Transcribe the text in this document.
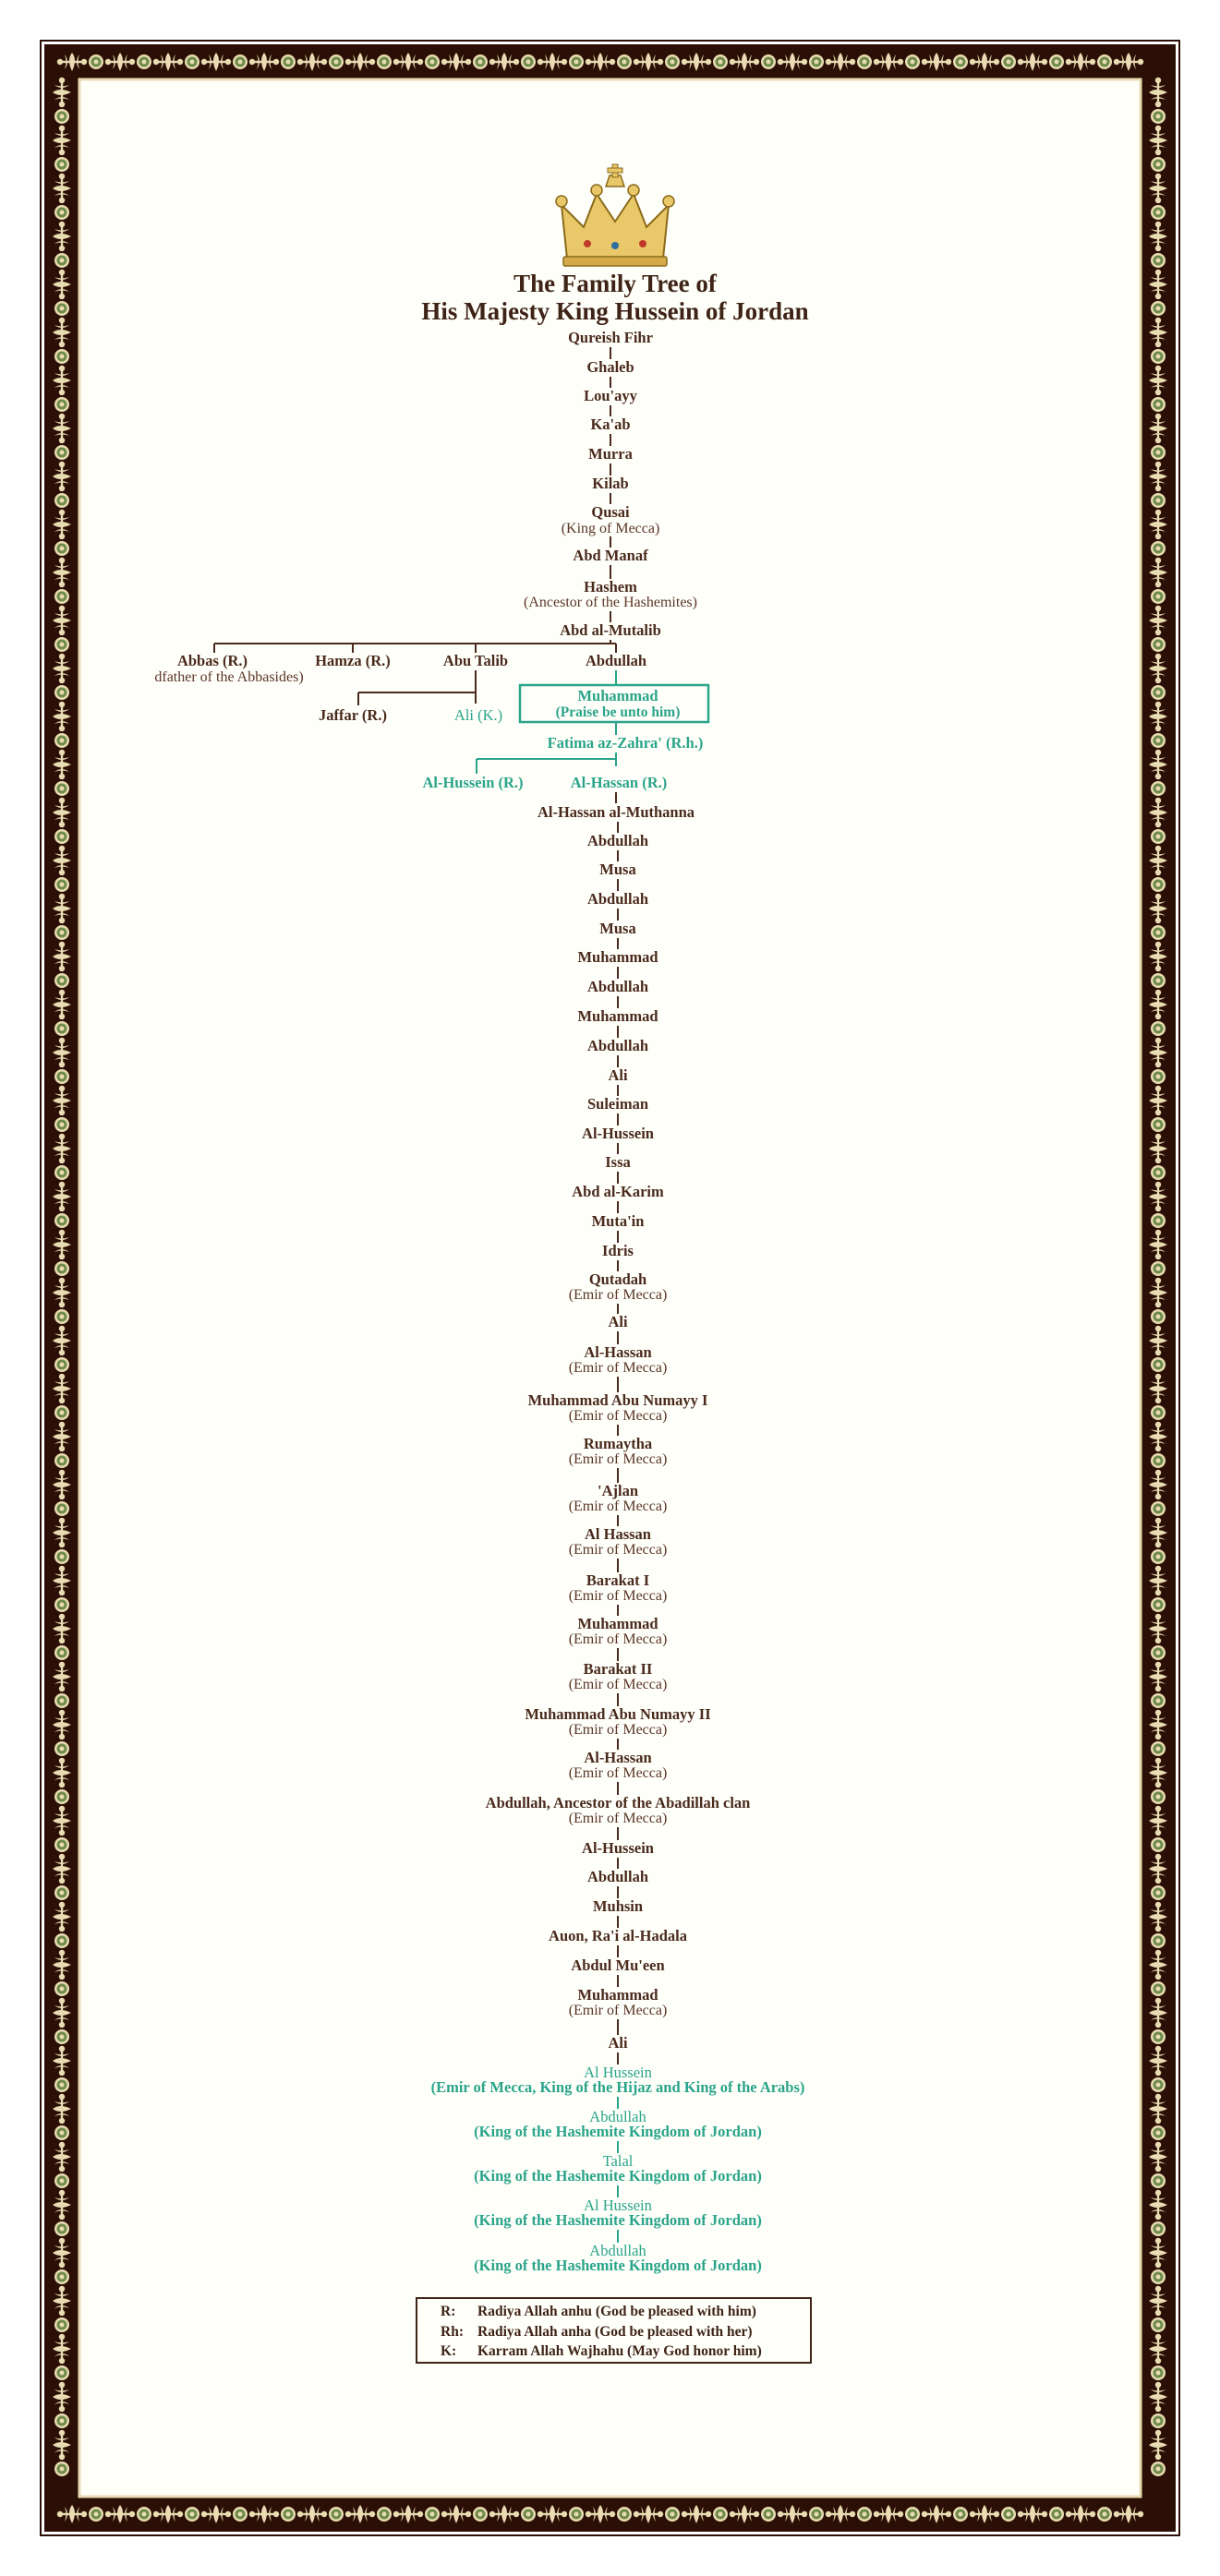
The Family Tree of
His Majesty King Hussein of Jordan
Qureish Fihr
Ghaleb
Lou'ayy
Ka'ab
Murra
Kilab
Qusai
(King of Mecca)
Abd Manaf
Hashem
(Ancestor of the Hashemites)
Abd al-Mutalib
Abbas (R.)
dfather of the Abbasides)
Hamza (R.)	Abu Talib	Abdullah
Muhammad
(Praise be unto him)
Jaffar (R.)	Ali (K.)
Fatima az-Zahra' (R.h.)
Al-Hussein (R.)	Al-Hassan (R.)
Al-Hassan al-Muthanna
Abdullah
Musa
Abdullah
Musa
Muhammad
Abdullah
Muhammad
Abdullah
Ali
Suleiman
Al-Hussein
Issa
Abd al-Karim
Muta'in
Idris
Qutadah
(Emir of Mecca)
Ali
Al-Hassan
(Emir of Mecca)
Muhammad Abu Numayy I
(Emir of Mecca)
Rumaytha
(Emir of Mecca)
'Ajlan
(Emir of Mecca)
Al Hassan
(Emir of Mecca)
Barakat I
(Emir of Mecca)
Muhammad
(Emir of Mecca)
Barakat II
(Emir of Mecca)
Muhammad Abu Numayy II
(Emir of Mecca)
Al-Hassan
(Emir of Mecca)
Abdullah, Ancestor of the Abadillah clan
(Emir of Mecca)
Al-Hussein
Abdullah
Muhsin
Auon, Ra'i al-Hadala
Abdul Mu'een
Muhammad
(Emir of Mecca)
Ali
Al Hussein
(Emir of Mecca, King of the Hijaz and King of the Arabs)
Abdullah
(King of the Hashemite Kingdom of Jordan)
Talal
(King of the Hashemite Kingdom of Jordan)
Al Hussein
(King of the Hashemite Kingdom of Jordan)
Abdullah
(King of the Hashemite Kingdom of Jordan)
R: Radiya Allah anhu (God be pleased with him)
Rh: Radiya Allah anha (God be pleased with her)
K: Karram Allah Wajhahu (May God honor him)
